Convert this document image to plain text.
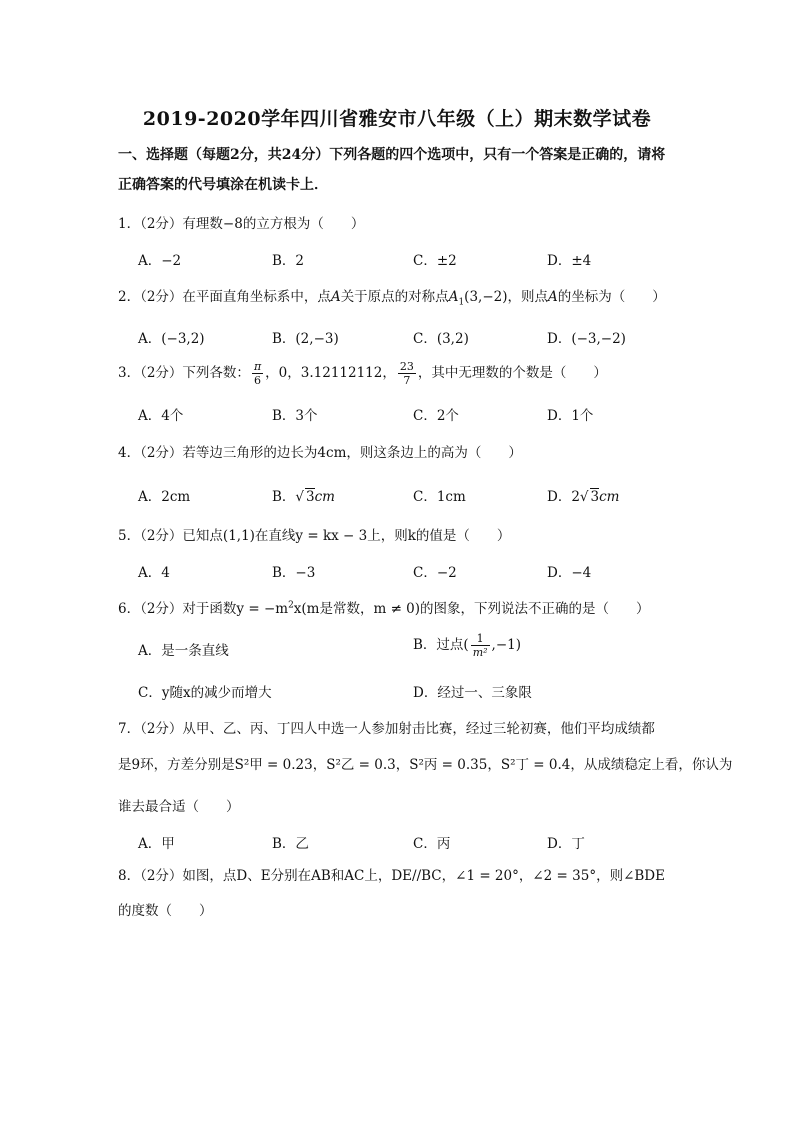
2019-2020学年四川省雅安市八年级（上）期末数学试卷
一、选择题（每题2分，共24分）下列各题的四个选项中，只有一个答案是正确的，请将
正确答案的代号填涂在机读卡上．
1．（2分）有理数−8的立方根为（　　）
A．−2	B．2	C．±2	D．±4
2．（2分）在平面直角坐标系中，点A关于原点的对称点$A_1(3,-2)$，则点A的坐标为（　　）
A．(−3,2)	B．(2,−3)	C．(3,2)	D．(−3,−2)
3．（2分）下列各数： $\frac{\pi}{6}$ ，0，3.12112112， $\frac{23}{7}$ ，其中无理数的个数是（　　）
A．4个	B．3个	C．2个	D．1个
4．（2分）若等边三角形的边长为4cm，则这条边上的高为（　　）
A．2cm	B．√ 3cm	C．1cm	D．2√ 3cm
5．（2分）已知点(1,1)在直线y = kx − 3上，则k的值是（　　）
A．4	B．−3	C．−2	D．−4
6．（2分）对于函数$y = -m^2x(m$是常数，m ≠ 0)的图象，下列说法不正确的是（　　）
A．是一条直线	B．过点( $\frac{1}{\text{m²}} ,-1$)
C．y随x的减少而增大	D．经过一、三象限
7．（2分）从甲、乙、丙、丁四人中选一人参加射击比赛，经过三轮初赛，他们平均成绩都
是9环，方差分别是S²甲 = 0.23，S²乙 = 0.3，S²丙 = 0.35，S²丁 = 0.4，从成绩稳定上看，你认为
谁去最合适（　　）
A．甲	B．乙	C．丙	D．丁
8．（2分）如图，点D、E分别在AB和AC上，DE//BC，∠1 = 20°，∠2 = 35°，则∠BDE
的度数（　　）
